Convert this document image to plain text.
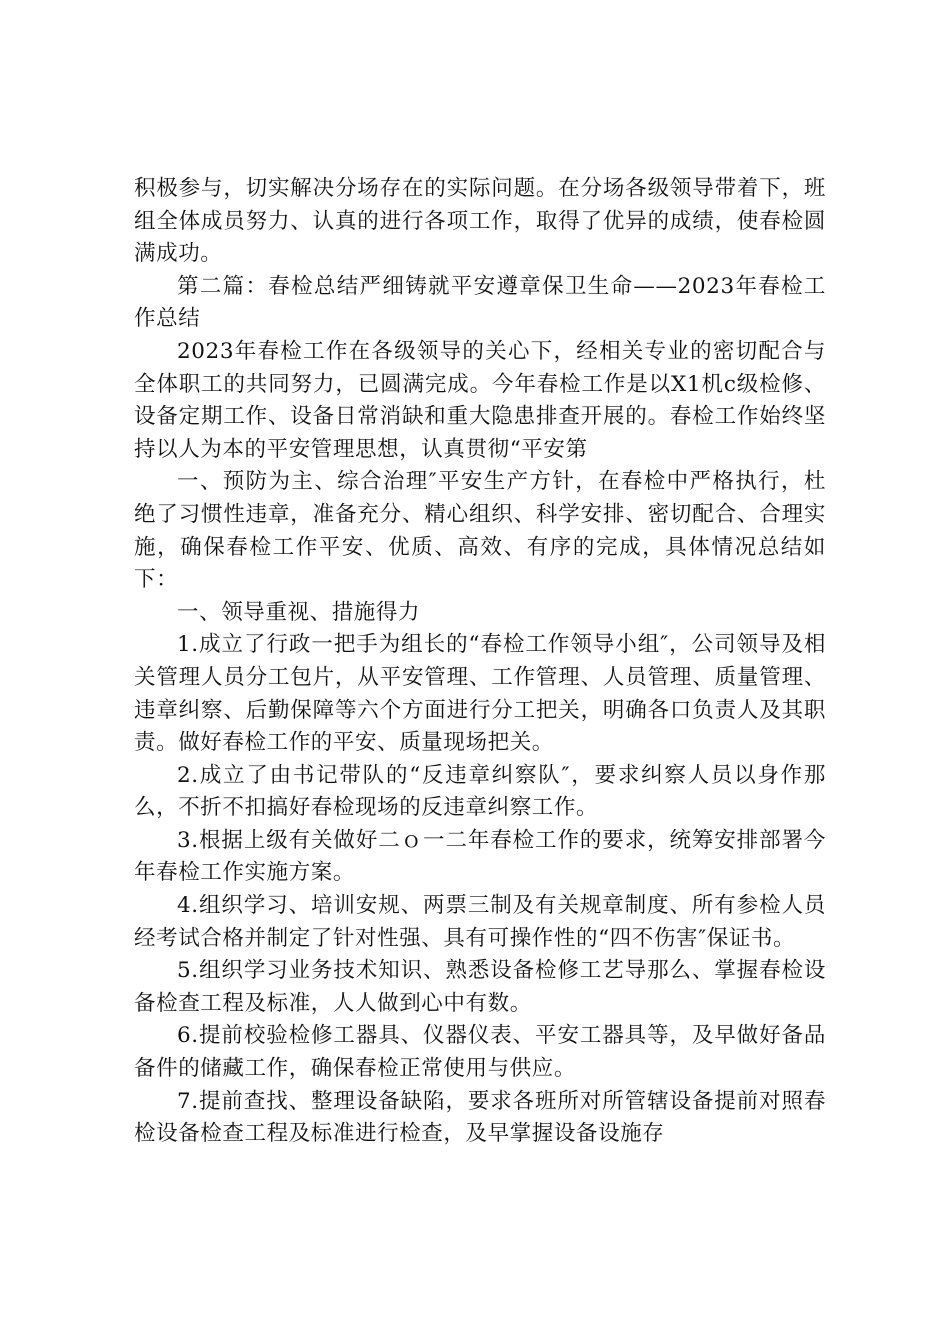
积极参与，切实解决分场存在的实际问题。在分场各级领导带着下，班组全体成员努力、认真的进行各项工作，取得了优异的成绩，使春检圆满成功。

第二篇：春检总结严细铸就平安遵章保卫生命——2023年春检工作总结

2023年春检工作在各级领导的关心下，经相关专业的密切配合与全体职工的共同努力，已圆满完成。今年春检工作是以X1机c级检修、设备定期工作、设备日常消缺和重大隐患排查开展的。春检工作始终坚持以人为本的平安管理思想，认真贯彻“平安第

一、预防为主、综合治理″平安生产方针，在春检中严格执行，杜绝了习惯性违章，准备充分、精心组织、科学安排、密切配合、合理实施，确保春检工作平安、优质、高效、有序的完成，具体情况总结如下：

一、领导重视、措施得力

1.成立了行政一把手为组长的“春检工作领导小组″，公司领导及相关管理人员分工包片，从平安管理、工作管理、人员管理、质量管理、违章纠察、后勤保障等六个方面进行分工把关，明确各口负责人及其职责。做好春检工作的平安、质量现场把关。

2.成立了由书记带队的“反违章纠察队″，要求纠察人员以身作那么，不折不扣搞好春检现场的反违章纠察工作。

3.根据上级有关做好二ｏ一二年春检工作的要求，统筹安排部署今年春检工作实施方案。

4.组织学习、培训安规、两票三制及有关规章制度、所有参检人员经考试合格并制定了针对性强、具有可操作性的“四不伤害″保证书。

5.组织学习业务技术知识、熟悉设备检修工艺导那么、掌握春检设备检查工程及标准，人人做到心中有数。

6.提前校验检修工器具、仪器仪表、平安工器具等，及早做好备品备件的储藏工作，确保春检正常使用与供应。

7.提前查找、整理设备缺陷，要求各班所对所管辖设备提前对照春检设备检查工程及标准进行检查，及早掌握设备设施存
